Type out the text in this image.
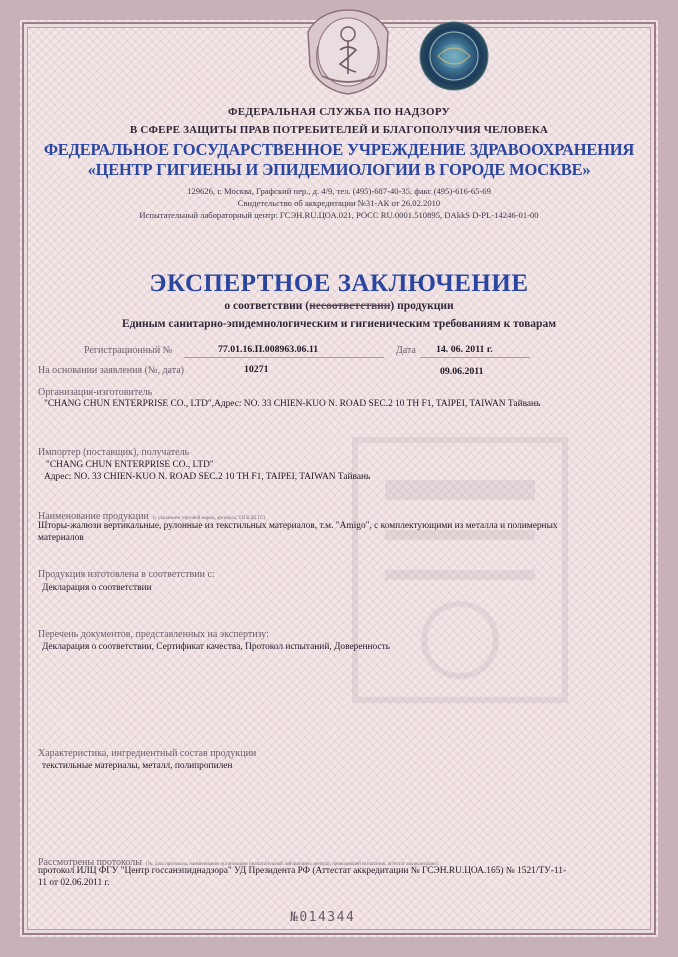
ФЕДЕРАЛЬНАЯ СЛУЖБА ПО НАДЗОРУ
В СФЕРЕ ЗАЩИТЫ ПРАВ ПОТРЕБИТЕЛЕЙ И БЛАГОПОЛУЧИЯ ЧЕЛОВЕКА
ФЕДЕРАЛЬНОЕ ГОСУДАРСТВЕННОЕ УЧРЕЖДЕНИЕ ЗДРАВООХРАНЕНИЯ
«ЦЕНТР ГИГИЕНЫ И ЭПИДЕМИОЛОГИИ В ГОРОДЕ МОСКВЕ»
129626, г. Москва, Графский пер., д. 4/9, тел. (495)-687-40-35, факс (495)-616-65-69
Свидетельство об аккредитации №31-АК от 26.02.2010
Испытательный лабораторный центр: ГСЭН.RU.ЦОА.021, РОСС RU.0001.510895, DAkkS D-PL-14246-01-00
ЭКСПЕРТНОЕ ЗАКЛЮЧЕНИЕ
о соответствии (несоответствии) продукции
Единым санитарно-эпидемиологическим и гигиеническим требованиям к товарам
Регистрационный №	77.01.16.П.008963.06.11	Дата 14. 06. 2011 г.
На основании заявления (№, дата)	10271	09.06.2011
Организация-изготовитель
"CHANG CHUN ENTERPRISE CO., LTD",Адрес: NO. 33 CHIEN-KUO N. ROAD SEC.2 10 TH F1, TAIPEI, TAIWAN Тайвань
Импортер (поставщик), получатель
"CHANG CHUN ENTERPRISE CO., LTD"
Адрес: NO. 33 CHIEN-KUO N. ROAD SEC.2 10 TH F1, TAIPEI, TAIWAN Тайвань
Наименование продукции (с указанием торговой марки, артикула, ТН ВЭД ТС)
Шторы-жалюзи вертикальные, рулонные из текстильных материалов, т.м. "Amigo", с комплектующими из металла и полимерных
материалов
Продукция изготовлена в соответствии с:
Декларация о соответствии
Перечень документов, представленных на экспертизу:
Декларация о соответствии, Сертификат качества, Протокол испытаний, Доверенность
Характеристика, ингредиентный состав продукции
текстильные материалы, металл, полипропилен
Рассмотрены протоколы (№, дата протокола, наименование организации (испытательной лаборатории, центра), проводившей испытания, аттестат аккредитации):
протокол ИЛЦ ФГУ "Центр госсанэпиднадзора" УД Президента РФ (Аттестат аккредитации № ГСЭН.RU.ЦОА.165) № 1521/ТУ-11-
11 от 02.06.2011 г.
№014344
